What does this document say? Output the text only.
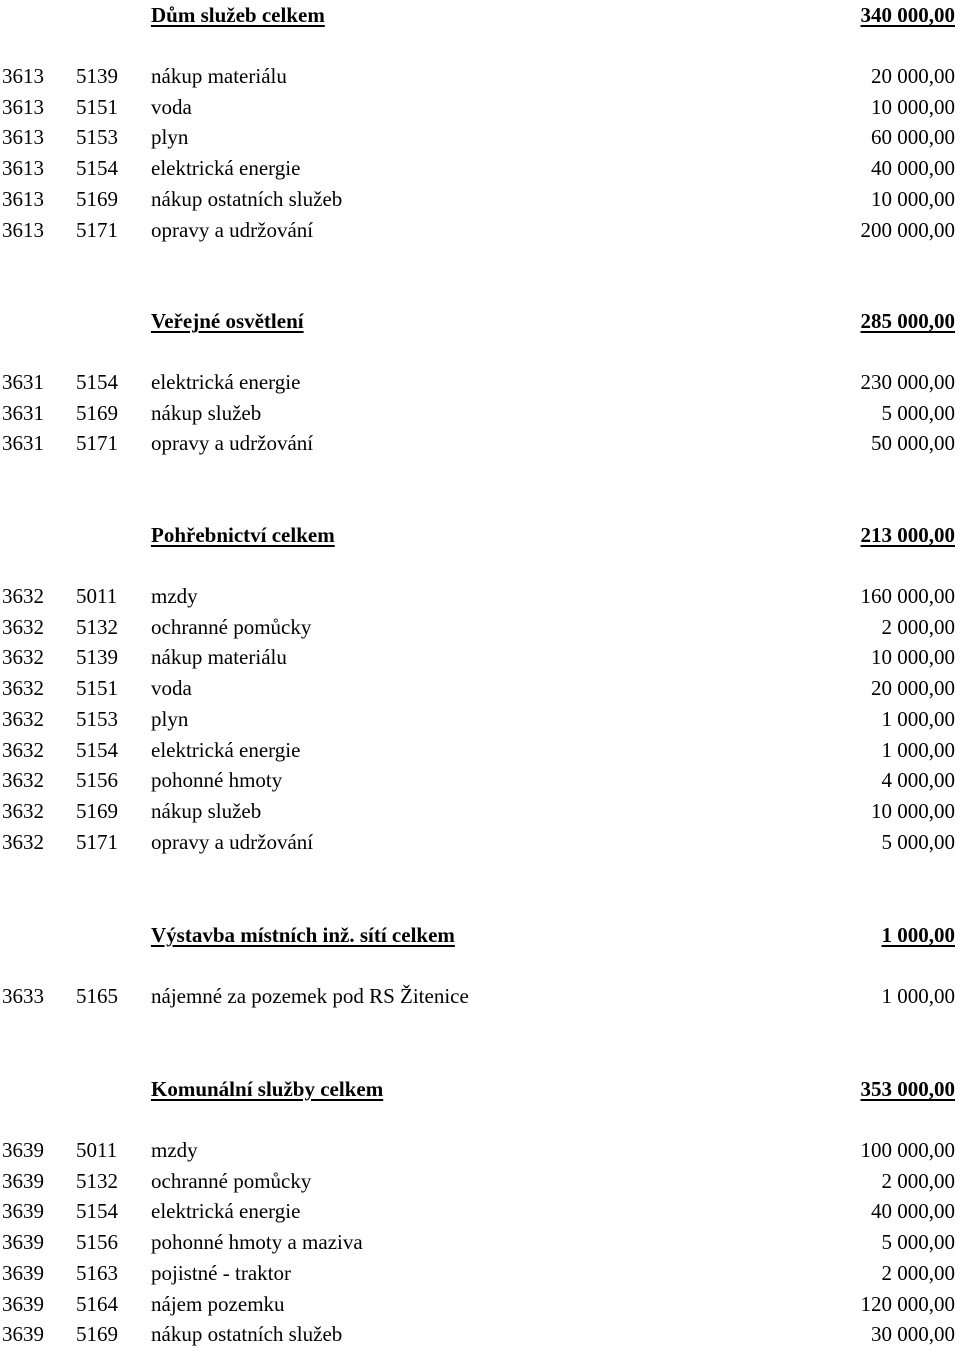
Dům služeb celkem	340 000,00
3613 5139 nákup materiálu	20 000,00
3613 5151 voda	10 000,00
3613 5153 plyn	60 000,00
3613 5154 elektrická energie	40 000,00
3613 5169 nákup ostatních služeb	10 000,00
3613 5171 opravy a udržování	200 000,00
Veřejné osvětlení	285 000,00
3631 5154 elektrická energie	230 000,00
3631 5169 nákup služeb	5 000,00
3631 5171 opravy a udržování	50 000,00
Pohřebnictví celkem	213 000,00
3632 5011 mzdy	160 000,00
3632 5132 ochranné pomůcky	2 000,00
3632 5139 nákup materiálu	10 000,00
3632 5151 voda	20 000,00
3632 5153 plyn	1 000,00
3632 5154 elektrická energie	1 000,00
3632 5156 pohonné hmoty	4 000,00
3632 5169 nákup služeb	10 000,00
3632 5171 opravy a udržování	5 000,00
Výstavba místních inž. sítí celkem	1 000,00
3633 5165 nájemné za pozemek pod RS Žitenice	1 000,00
Komunální služby celkem	353 000,00
3639 5011 mzdy	100 000,00
3639 5132 ochranné pomůcky	2 000,00
3639 5154 elektrická energie	40 000,00
3639 5156 pohonné hmoty a maziva	5 000,00
3639 5163 pojistné - traktor	2 000,00
3639 5164 nájem pozemku	120 000,00
3639 5169 nákup ostatních služeb	30 000,00
